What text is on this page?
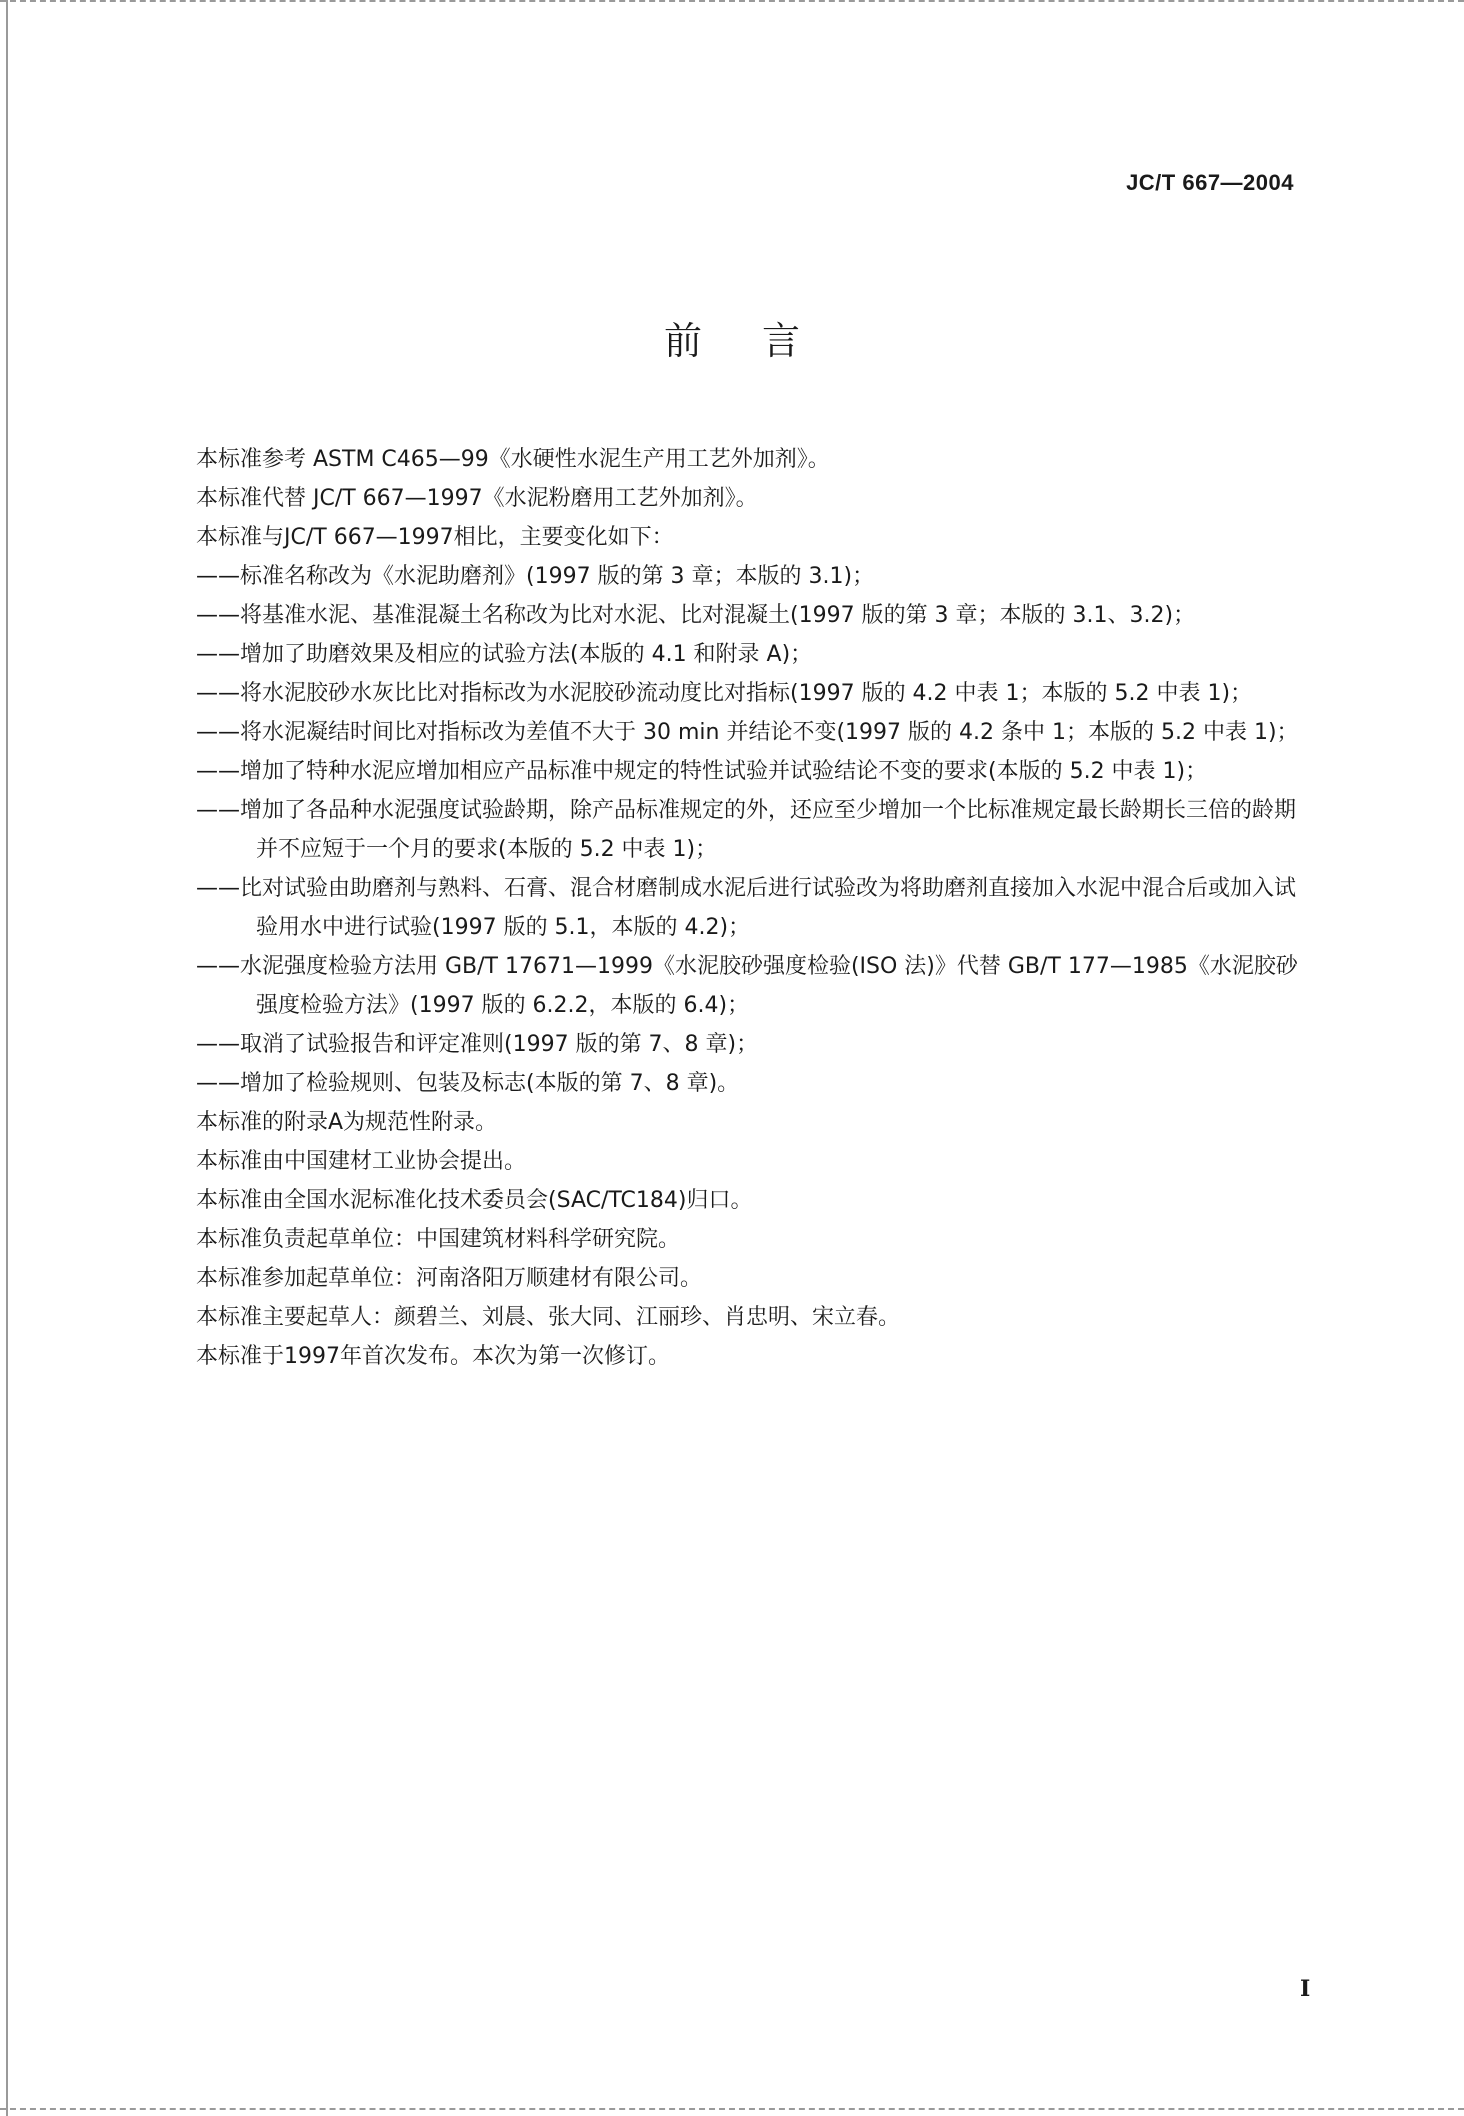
JC/T 667—2004
前言

本标准参考 ASTM C465—99《水硬性水泥生产用工艺外加剂》。

本标准代替 JC/T 667—1997《水泥粉磨用工艺外加剂》。

本标准与JC/T 667—1997相比，主要变化如下：

——标准名称改为《水泥助磨剂》(1997 版的第 3 章；本版的 3.1)；

——将基准水泥、基准混凝土名称改为比对水泥、比对混凝土(1997 版的第 3 章；本版的 3.1、3.2)；

——增加了助磨效果及相应的试验方法(本版的 4.1 和附录 A)；

——将水泥胶砂水灰比比对指标改为水泥胶砂流动度比对指标(1997 版的 4.2 中表 1；本版的 5.2 中表 1)；

——将水泥凝结时间比对指标改为差值不大于 30 min 并结论不变(1997 版的 4.2 条中 1；本版的 5.2 中表 1)；

——增加了特种水泥应增加相应产品标准中规定的特性试验并试验结论不变的要求(本版的 5.2 中表 1)；

——增加了各品种水泥强度试验龄期，除产品标准规定的外，还应至少增加一个比标准规定最长龄期长三倍的龄期并不应短于一个月的要求(本版的 5.2 中表 1)；

——比对试验由助磨剂与熟料、石膏、混合材磨制成水泥后进行试验改为将助磨剂直接加入水泥中混合后或加入试验用水中进行试验(1997 版的 5.1，本版的 4.2)；

——水泥强度检验方法用 GB/T 17671—1999《水泥胶砂强度检验(ISO 法)》代替 GB/T 177—1985《水泥胶砂强度检验方法》(1997 版的 6.2.2，本版的 6.4)；

——取消了试验报告和评定准则(1997 版的第 7、8 章)；

——增加了检验规则、包装及标志(本版的第 7、8 章)。

本标准的附录A为规范性附录。

本标准由中国建材工业协会提出。

本标准由全国水泥标准化技术委员会(SAC/TC184)归口。

本标准负责起草单位：中国建筑材料科学研究院。

本标准参加起草单位：河南洛阳万顺建材有限公司。

本标准主要起草人：颜碧兰、刘晨、张大同、江丽珍、肖忠明、宋立春。

本标准于1997年首次发布。本次为第一次修订。

I
